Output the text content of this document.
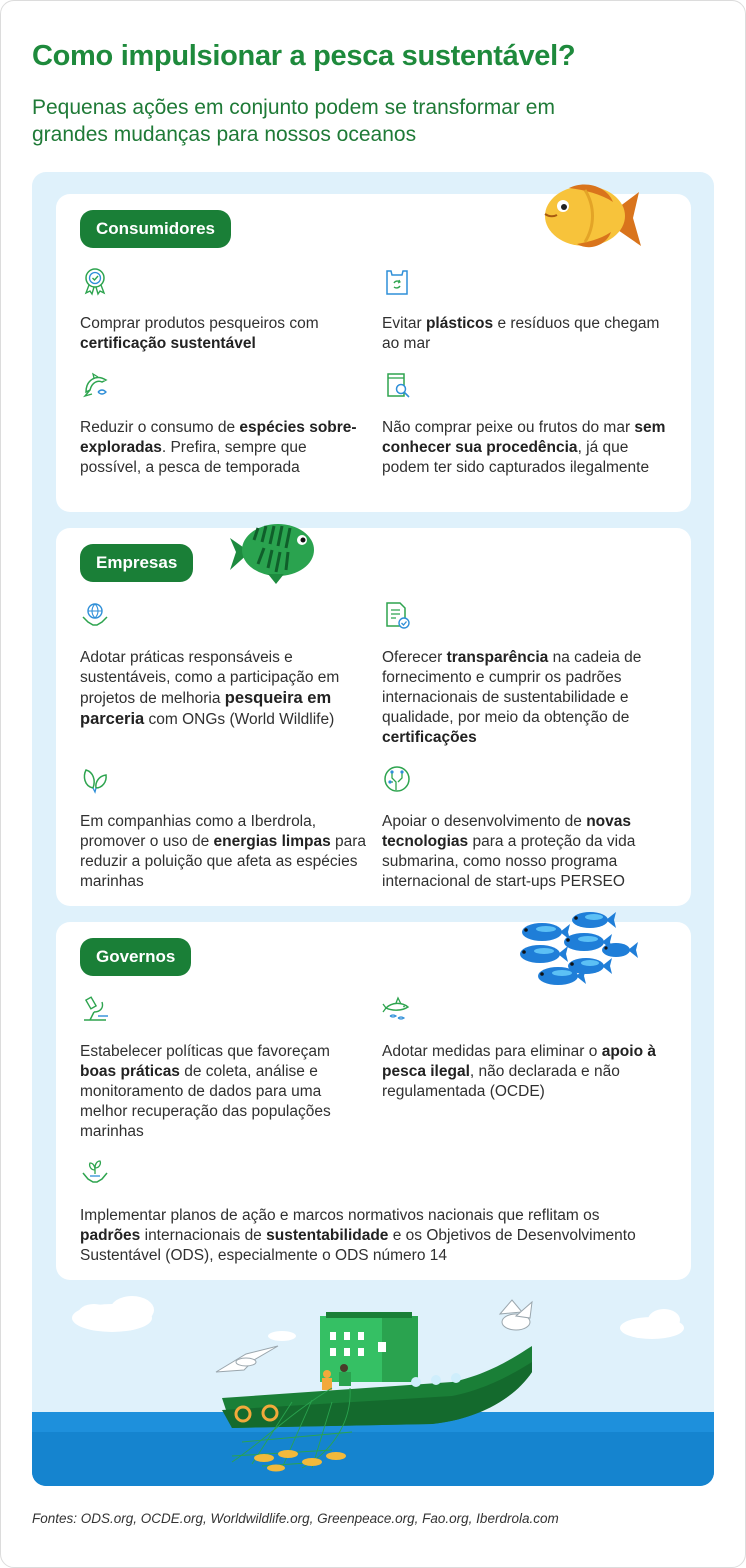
Como impulsionar a pesca sustentável?

Pequenas ações em conjunto podem se transformar em grandes mudanças para nossos oceanos

Consumidores
Comprar produtos pesqueiros com certificação sustentável
Evitar plásticos e resíduos que chegam ao mar
Reduzir o consumo de espécies sobre-exploradas. Prefira, sempre que possível, a pesca de temporada
Não comprar peixe ou frutos do mar sem conhecer sua procedência, já que podem ter sido capturados ilegalmente
Empresas
Adotar práticas responsáveis e sustentáveis, como a participação em projetos de melhoria pesqueira em parceria com ONGs (World Wildlife)
Oferecer transparência na cadeia de fornecimento e cumprir os padrões internacionais de sustentabilidade e qualidade, por meio da obtenção de certificações
Em companhias como a Iberdrola, promover o uso de energias limpas para reduzir a poluição que afeta as espécies marinhas
Apoiar o desenvolvimento de novas tecnologias para a proteção da vida submarina, como nosso programa internacional de start-ups PERSEO
Governos
Estabelecer políticas que favoreçam boas práticas de coleta, análise e monitoramento de dados para uma melhor recuperação das populações marinhas
Adotar medidas para eliminar o apoio à pesca ilegal, não declarada e não regulamentada (OCDE)
Implementar planos de ação e marcos normativos nacionais que reflitam os padrões internacionais de sustentabilidade e os Objetivos de Desenvolvimento Sustentável (ODS), especialmente o ODS número 14

Fontes: ODS.org, OCDE.org, Worldwildlife.org, Greenpeace.org, Fao.org, Iberdrola.com
